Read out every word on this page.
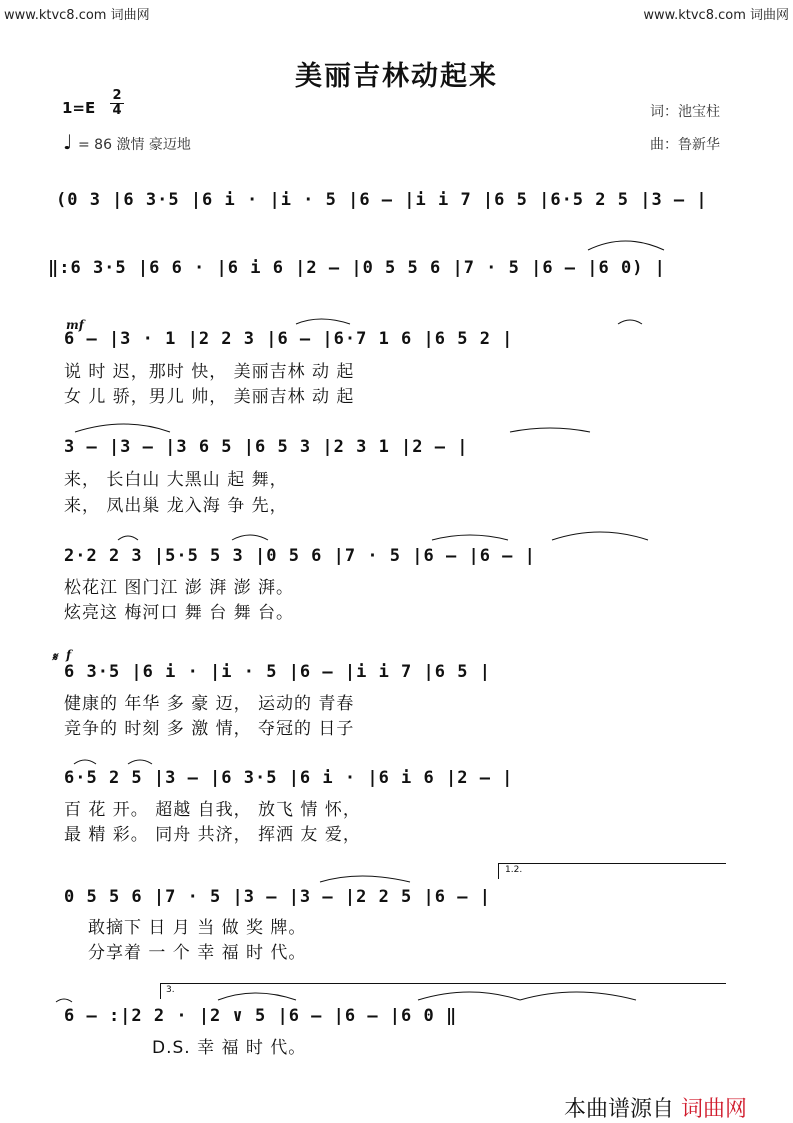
www.ktvc8.com 词曲网	www.ktvc8.com 词曲网
美丽吉林动起来
1=E
2
4
♩ = 86 激情 豪迈地
词：池宝柱
曲：鲁新华
(0 3 |6 3·5 |6 i · |i · 5 |6 – |i i 7 |6 5 |6·5 2 5 |3 – |
‖:6 3·5 |6 6 · |6 i 6 |2 – |0 5 5 6 |7 · 5 |6 – |6 0) |
mf
6 – |3 · 1 |2 2 3 |6 – |6·7 1 6 |6 5 2 |
说 时 迟，那时 快， 美丽吉林 动 起
女 儿 骄，男儿 帅， 美丽吉林 动 起
3 – |3 – |3 6 5 |6 5 3 |2 3 1 |2 – |
来， 长白山 大黑山 起 舞，
来， 凤出巢 龙入海 争 先，
2·2 2 3 |5·5 5 3 |0 5 6 |7 · 5 |6 – |6 – |
松花江 图门江 澎 湃 澎 湃。
炫亮这 梅河口 舞 台 舞 台。
𝄋 f
6 3·5 |6 i · |i · 5 |6 – |i i 7 |6 5 |
健康的 年华 多 豪 迈， 运动的 青春
竞争的 时刻 多 激 情， 夺冠的 日子
6·5 2 5 |3 – |6 3·5 |6 i · |6 i 6 |2 – |
百 花 开。 超越 自我， 放飞 情 怀，
最 精 彩。 同舟 共济， 挥洒 友 爱，
1.2.
0 5 5 6 |7 · 5 |3 – |3 – |2 2 5 |6 – |
敢摘下 日 月 当 做 奖 牌。
分享着 一 个 幸 福 时 代。
3.
6 – :|2 2 · |2 ∨ 5 |6 – |6 – |6 0 ‖
D.S. 幸 福 时 代。
本曲谱源自 词曲网
